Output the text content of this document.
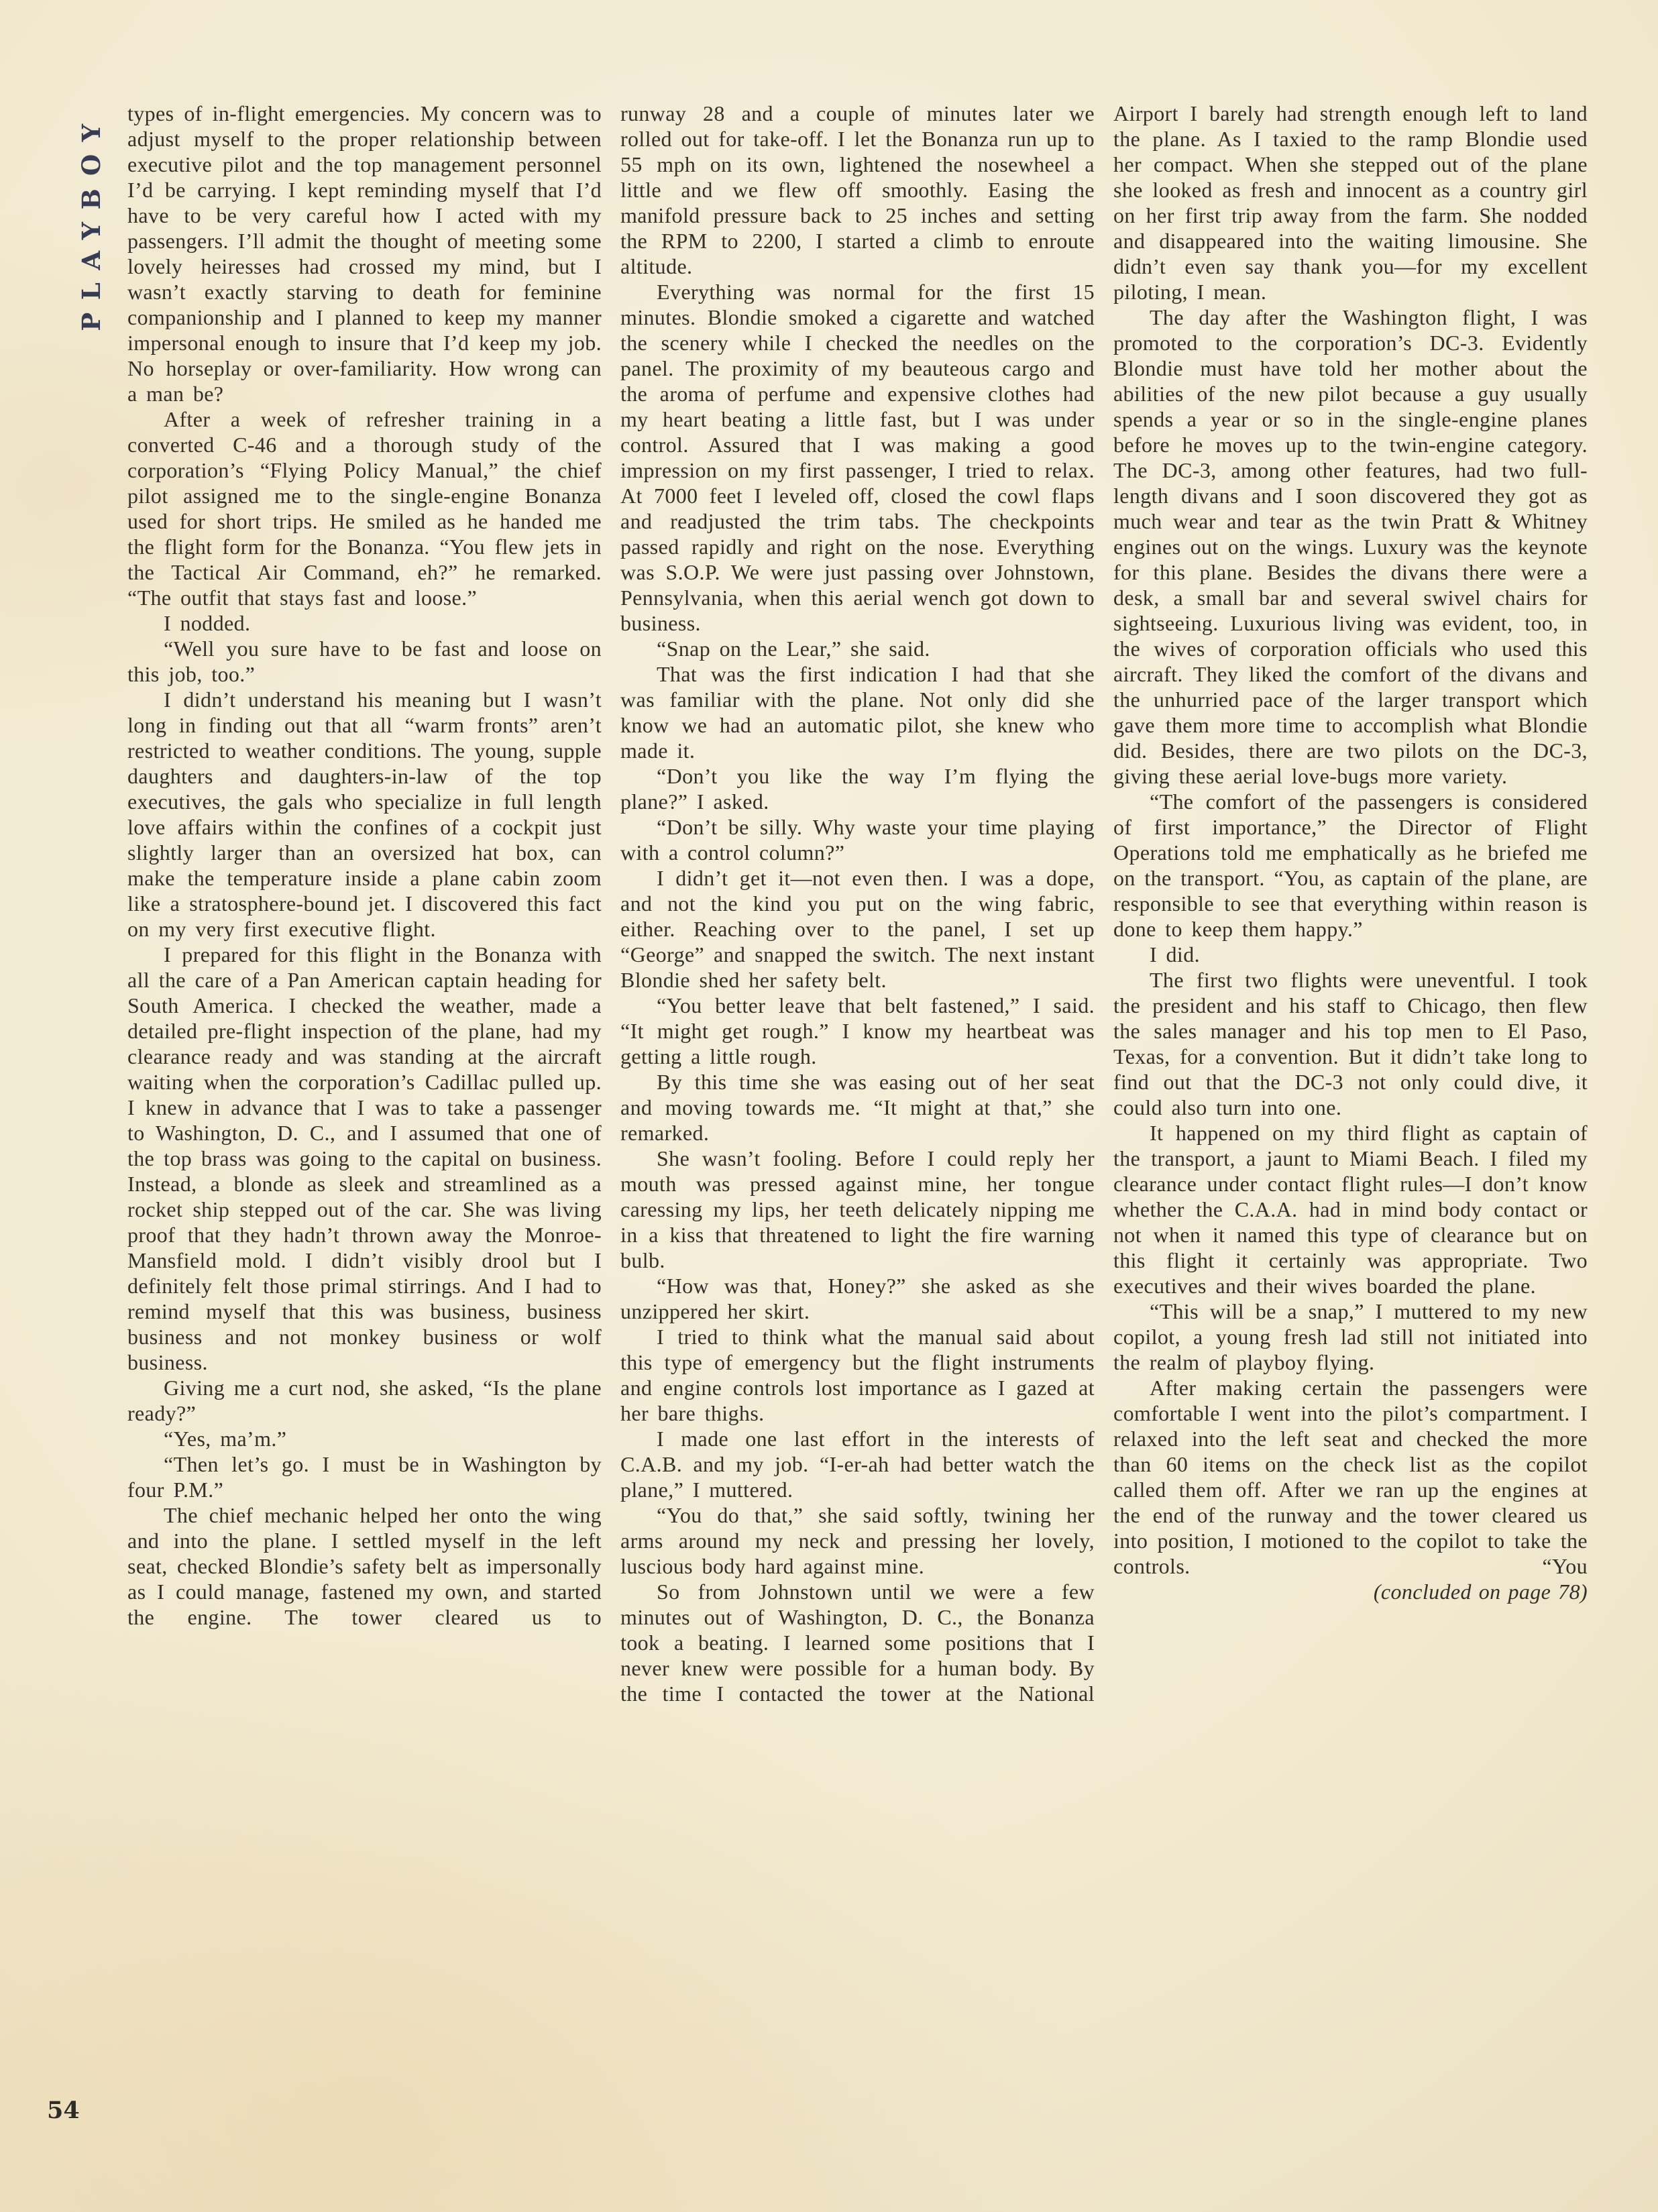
PLAYBOY
54

types of in-flight emergencies. My concern was to adjust myself to the proper relationship between executive pilot and the top management personnel I’d be carrying. I kept reminding myself that I’d have to be very careful how I acted with my passengers. I’ll admit the thought of meeting some lovely heiresses had crossed my mind, but I wasn’t exactly starving to death for feminine companionship and I planned to keep my manner impersonal enough to insure that I’d keep my job. No horseplay or over-familiarity. How wrong can a man be?

After a week of refresher training in a converted C-46 and a thorough study of the corporation’s “Flying Policy Manual,” the chief pilot assigned me to the single-engine Bonanza used for short trips. He smiled as he handed me the flight form for the Bonanza. “You flew jets in the Tactical Air Command, eh?” he remarked. “The outfit that stays fast and loose.”

I nodded.

“Well you sure have to be fast and loose on this job, too.”

I didn’t understand his meaning but I wasn’t long in finding out that all “warm fronts” aren’t restricted to weather conditions. The young, supple daughters and daughters-in-law of the top executives, the gals who specialize in full length love affairs within the confines of a cockpit just slightly larger than an oversized hat box, can make the temperature inside a plane cabin zoom like a stratosphere-bound jet. I discovered this fact on my very first executive flight.

I prepared for this flight in the Bonanza with all the care of a Pan American captain heading for South America. I checked the weather, made a detailed pre-flight inspection of the plane, had my clearance ready and was standing at the aircraft waiting when the corporation’s Cadillac pulled up. I knew in advance that I was to take a passenger to Washington, D. C., and I assumed that one of the top brass was going to the capital on business. Instead, a blonde as sleek and streamlined as a rocket ship stepped out of the car. She was living proof that they hadn’t thrown away the Monroe-Mansfield mold. I didn’t visibly drool but I definitely felt those primal stirrings. And I had to remind myself that this was business, business business and not monkey business or wolf business.

Giving me a curt nod, she asked, “Is the plane ready?”

“Yes, ma’m.”

“Then let’s go. I must be in Washington by four P.M.”

The chief mechanic helped her onto the wing and into the plane. I settled myself in the left seat, checked Blondie’s safety belt as impersonally as I could manage, fastened my own, and started the engine. The tower cleared us to

runway 28 and a couple of minutes later we rolled out for take-off. I let the Bonanza run up to 55 mph on its own, lightened the nosewheel a little and we flew off smoothly. Easing the manifold pressure back to 25 inches and setting the RPM to 2200, I started a climb to enroute altitude.

Everything was normal for the first 15 minutes. Blondie smoked a cigarette and watched the scenery while I checked the needles on the panel. The proximity of my beauteous cargo and the aroma of perfume and expensive clothes had my heart beating a little fast, but I was under control. Assured that I was making a good impression on my first passenger, I tried to relax. At 7000 feet I leveled off, closed the cowl flaps and readjusted the trim tabs. The checkpoints passed rapidly and right on the nose. Everything was S.O.P. We were just passing over Johnstown, Pennsylvania, when this aerial wench got down to business.

“Snap on the Lear,” she said.

That was the first indication I had that she was familiar with the plane. Not only did she know we had an automatic pilot, she knew who made it.

“Don’t you like the way I’m flying the plane?” I asked.

“Don’t be silly. Why waste your time playing with a control column?”

I didn’t get it—not even then. I was a dope, and not the kind you put on the wing fabric, either. Reaching over to the panel, I set up “George” and snapped the switch. The next instant Blondie shed her safety belt.

“You better leave that belt fastened,” I said. “It might get rough.” I know my heartbeat was getting a little rough.

By this time she was easing out of her seat and moving towards me. “It might at that,” she remarked.

She wasn’t fooling. Before I could reply her mouth was pressed against mine, her tongue caressing my lips, her teeth delicately nipping me in a kiss that threatened to light the fire warning bulb.

“How was that, Honey?” she asked as she unzippered her skirt.

I tried to think what the manual said about this type of emergency but the flight instruments and engine controls lost importance as I gazed at her bare thighs.

I made one last effort in the interests of C.A.B. and my job. “I-er-ah had better watch the plane,” I muttered.

“You do that,” she said softly, twining her arms around my neck and pressing her lovely, luscious body hard against mine.

So from Johnstown until we were a few minutes out of Washington, D. C., the Bonanza took a beating. I learned some positions that I never knew were possible for a human body. By the time I contacted the tower at the National

Airport I barely had strength enough left to land the plane. As I taxied to the ramp Blondie used her compact. When she stepped out of the plane she looked as fresh and innocent as a country girl on her first trip away from the farm. She nodded and disappeared into the waiting limousine. She didn’t even say thank you—for my excellent piloting, I mean.

The day after the Washington flight, I was promoted to the corporation’s DC-3. Evidently Blondie must have told her mother about the abilities of the new pilot because a guy usually spends a year or so in the single-engine planes before he moves up to the twin-engine category. The DC-3, among other features, had two full-length divans and I soon discovered they got as much wear and tear as the twin Pratt & Whitney engines out on the wings. Luxury was the keynote for this plane. Besides the divans there were a desk, a small bar and several swivel chairs for sightseeing. Luxurious living was evident, too, in the wives of corporation officials who used this aircraft. They liked the comfort of the divans and the unhurried pace of the larger transport which gave them more time to accomplish what Blondie did. Besides, there are two pilots on the DC-3, giving these aerial love-bugs more variety.

“The comfort of the passengers is considered of first importance,” the Director of Flight Operations told me emphatically as he briefed me on the transport. “You, as captain of the plane, are responsible to see that everything within reason is done to keep them happy.”

I did.

The first two flights were uneventful. I took the president and his staff to Chicago, then flew the sales manager and his top men to El Paso, Texas, for a convention. But it didn’t take long to find out that the DC-3 not only could dive, it could also turn into one.

It happened on my third flight as captain of the transport, a jaunt to Miami Beach. I filed my clearance under contact flight rules—I don’t know whether the C.A.A. had in mind body contact or not when it named this type of clearance but on this flight it certainly was appropriate. Two executives and their wives boarded the plane.

“This will be a snap,” I muttered to my new copilot, a young fresh lad still not initiated into the realm of playboy flying.

After making certain the passengers were comfortable I went into the pilot’s compartment. I relaxed into the left seat and checked the more than 60 items on the check list as the copilot called them off. After we ran up the engines at the end of the runway and the tower cleared us into position, I motioned to the copilot to take the controls. “You

(concluded on page 78)
